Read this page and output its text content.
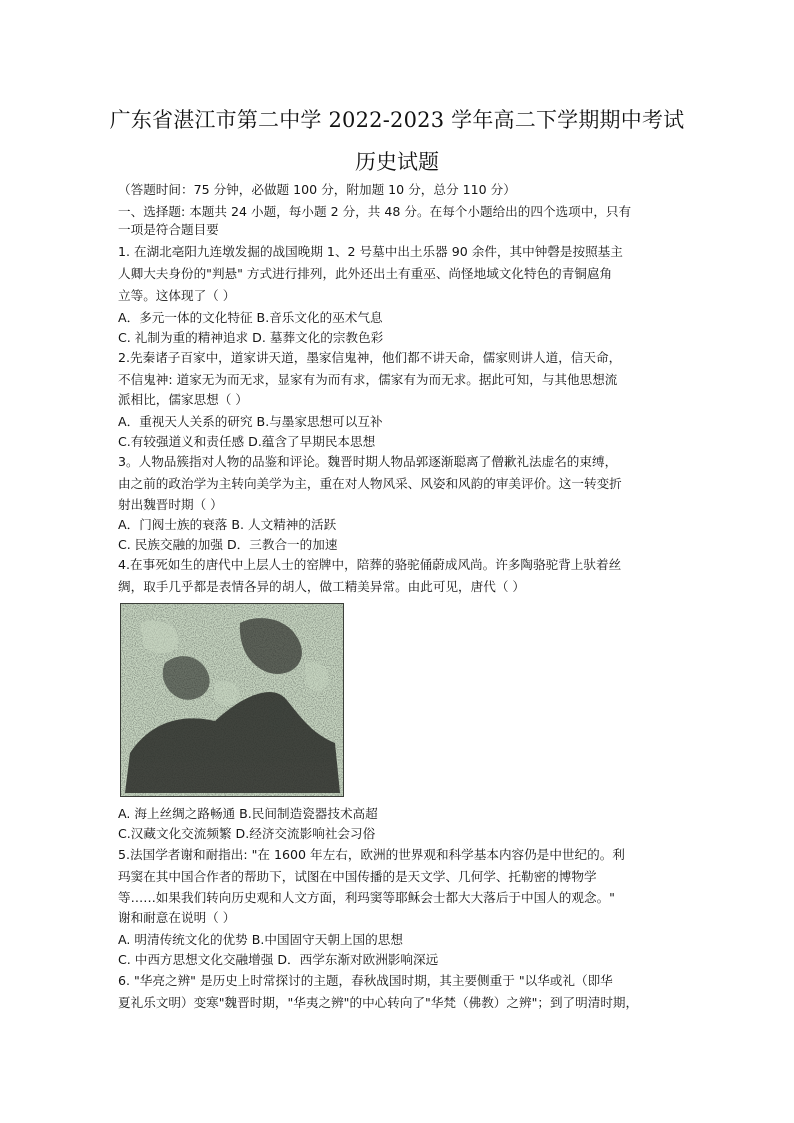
广东省湛江市第二中学 2022-2023 学年高二下学期期中考试
历史试题
（答题时间：75 分钟，必做题 100 分，附加题 10 分，总分 110 分）
一、选择题: 本题共 24 小题，每小题 2 分，共 48 分。在每个小题给出的四个选项中，只有
一项是符合题目要
1. 在湖北亳阳九连墩发掘的战国晚期 1、2 号墓中出土乐器 90 余件，其中钟磬是按照基主
人卿大夫身份的"判悬" 方式进行排列，此外还出土有重巫、尚怪地域文化特色的青铜扈角
立等。这体现了（ ）
A．多元一体的文化特征 B.音乐文化的巫术气息
C. 礼制为重的精神追求 D. 墓葬文化的宗教色彩
2.先秦诸子百家中，道家讲天道，墨家信鬼神，他们都不讲天命，儒家则讲人道，信天命，
不信鬼神: 道家无为而无求，显家有为而有求，儒家有为而无求。据此可知，与其他思想流
派相比，儒家思想（ ）
A．重视天人关系的研究 B.与墨家思想可以互补
C.有较强道义和责任感 D.蕴含了早期民本思想
3。人物品簇指对人物的品鉴和评论。魏晋时期人物品郭逐渐聪离了僧歉礼法虚名的束缚，
由之前的政治学为主转向美学为主，重在对人物风采、风姿和风韵的审美评价。这一转变折
射出魏晋时期（ ）
A．门阀士族的衰落 B. 人文精神的活跃
C. 民族交融的加强 D．三教合一的加速
4.在事死如生的唐代中上层人士的窑牌中，陪葬的骆驼俑蔚成风尚。许多陶骆驼背上驮着丝
绸，取手几乎都是表情各异的胡人，做工精美异常。由此可见，唐代（ ）
A. 海上丝绸之路畅通 B.民间制造瓷器技术高超
C.汉藏文化交流频繁 D.经济交流影响社会习俗
5.法国学者谢和耐指出: "在 1600 年左右，欧洲的世界观和科学基本内容仍是中世纪的。利
玛窦在其中国合作者的帮助下，试图在中国传播的是天文学、几何学、托勒密的博物学
等……如果我们转向历史观和人文方面，利玛窦等耶稣会士都大大落后于中国人的观念。"
谢和耐意在说明（ ）
A. 明清传统文化的优势 B.中国固守天朝上国的思想
C. 中西方思想文化交融增强 D．西学东渐对欧洲影响深远
6. "华亮之辨" 是历史上时常探讨的主题，春秋战国时期，其主要侧重于 "以华或礼（即华
夏礼乐文明）变寒"魏晋时期，"华夷之辨"的中心转向了"华梵（佛教）之辨"；到了明清时期，
